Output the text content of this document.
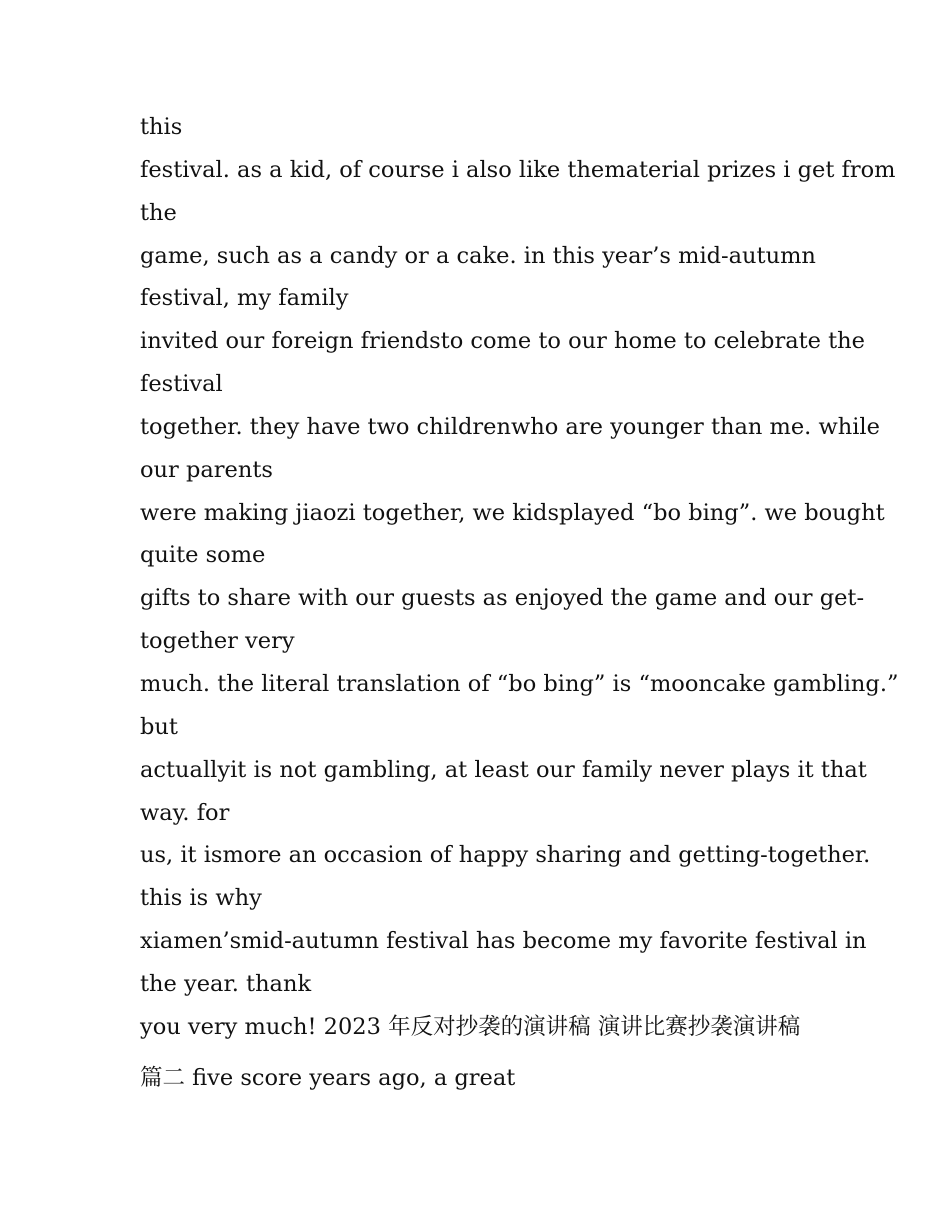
this
festival. as a kid, of course i also like thematerial prizes i get from
the
game, such as a candy or a cake. in this year’s mid-autumn
festival, my family
invited our foreign friendsto come to our home to celebrate the
festival
together. they have two childrenwho are younger than me. while
our parents
were making jiaozi together, we kidsplayed “bo bing”. we bought
quite some
gifts to share with our guests as enjoyed the game and our get-
together very
much. the literal translation of “bo bing” is “mooncake gambling.”
but
actuallyit is not gambling, at least our family never plays it that
way. for
us, it ismore an occasion of happy sharing and getting-together.
this is why
xiamen’smid-autumn festival has become my favorite festival in
the year. thank
you very much! 2023 年反对抄袭的演讲稿 演讲比赛抄袭演讲稿
篇二 five score years ago, a great
